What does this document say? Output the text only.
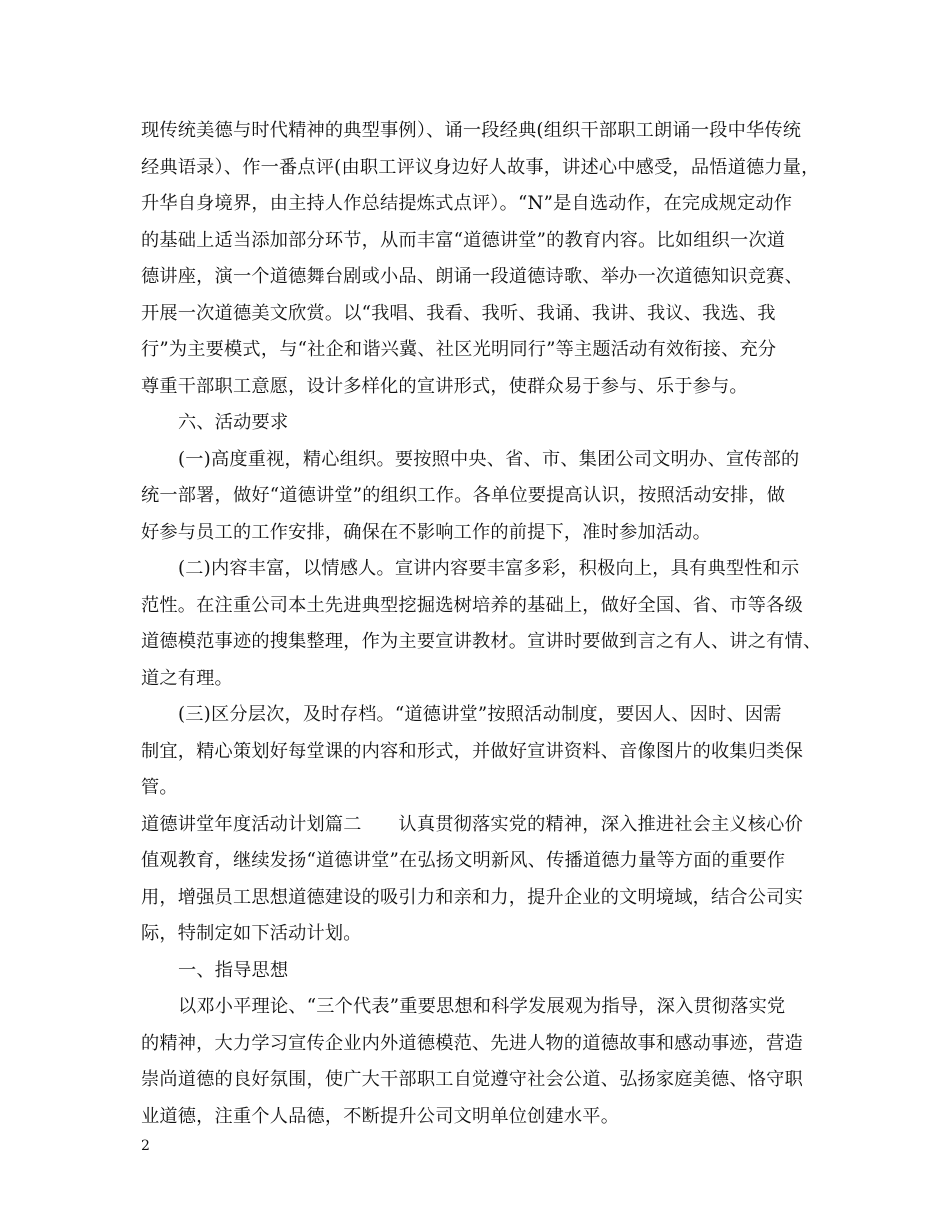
现传统美德与时代精神的典型事例）、诵一段经典(组织干部职工朗诵一段中华传统
经典语录）、作一番点评(由职工评议身边好人故事，讲述心中感受，品悟道德力量，
升华自身境界，由主持人作总结提炼式点评）。“N”是自选动作，在完成规定动作
的基础上适当添加部分环节，从而丰富“道德讲堂”的教育内容。比如组织一次道
德讲座，演一个道德舞台剧或小品、朗诵一段道德诗歌、举办一次道德知识竞赛、
开展一次道德美文欣赏。以“我唱、我看、我听、我诵、我讲、我议、我选、我
行”为主要模式，与“社企和谐兴冀、社区光明同行”等主题活动有效衔接、充分
尊重干部职工意愿，设计多样化的宣讲形式，使群众易于参与、乐于参与。
六、活动要求
(一)高度重视，精心组织。要按照中央、省、市、集团公司文明办、宣传部的
统一部署，做好“道德讲堂”的组织工作。各单位要提高认识，按照活动安排，做
好参与员工的工作安排，确保在不影响工作的前提下，准时参加活动。
(二)内容丰富，以情感人。宣讲内容要丰富多彩，积极向上，具有典型性和示
范性。在注重公司本土先进典型挖掘选树培养的基础上，做好全国、省、市等各级
道德模范事迹的搜集整理，作为主要宣讲教材。宣讲时要做到言之有人、讲之有情、
道之有理。
(三)区分层次，及时存档。“道德讲堂”按照活动制度，要因人、因时、因需
制宜，精心策划好每堂课的内容和形式，并做好宣讲资料、音像图片的收集归类保
管。
道德讲堂年度活动计划篇二　　认真贯彻落实党的精神，深入推进社会主义核心价
值观教育，继续发扬“道德讲堂”在弘扬文明新风、传播道德力量等方面的重要作
用，增强员工思想道德建设的吸引力和亲和力，提升企业的文明境域，结合公司实
际，特制定如下活动计划。
一、指导思想
以邓小平理论、“三个代表”重要思想和科学发展观为指导，深入贯彻落实党
的精神，大力学习宣传企业内外道德模范、先进人物的道德故事和感动事迹，营造
崇尚道德的良好氛围，使广大干部职工自觉遵守社会公道、弘扬家庭美德、恪守职
业道德，注重个人品德，不断提升公司文明单位创建水平。
2
